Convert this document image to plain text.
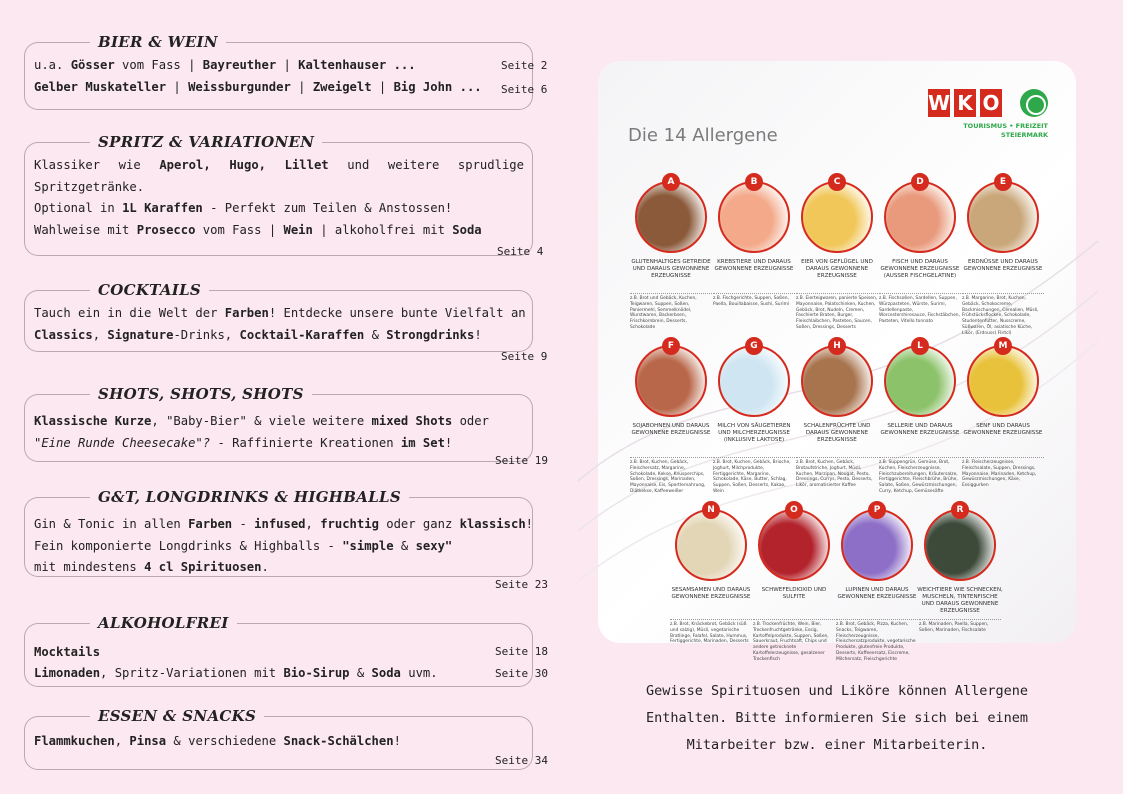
BIER & WEIN
u.a. Gösser vom Fass | Bayreuther | Kaltenhauser ...
Gelber Muskateller | Weissburgunder | Zweigelt | Big John ...
Seite 2
Seite 6
SPRITZ & VARIATIONEN
Klassiker wie Aperol, Hugo, Lillet und weitere sprudlige
Spritzgetränke.
Optional in 1L Karaffen - Perfekt zum Teilen & Anstossen!
Wahlweise mit Prosecco vom Fass | Wein | alkoholfrei mit Soda
Seite 4
COCKTAILS
Tauch ein in die Welt der Farben! Entdecke unsere bunte Vielfalt an
Classics, Signature-Drinks, Cocktail-Karaffen & Strongdrinks!
Seite 9
SHOTS, SHOTS, SHOTS
Klassische Kurze, "Baby-Bier" & viele weitere mixed Shots oder
"Eine Runde Cheesecake"? - Raffinierte Kreationen im Set!
Seite 19
G&T, LONGDRINKS & HIGHBALLS
Gin & Tonic in allen Farben - infused, fruchtig oder ganz klassisch!
Fein komponierte Longdrinks & Highballs - "simple & sexy"
mit mindestens 4 cl Spirituosen.
Seite 23
ALKOHOLFREI
Mocktails
Limonaden, Spritz-Variationen mit Bio-Sirup & Soda uvm.
Seite 18
Seite 30
ESSEN & SNACKS
Flammkuchen, Pinsa & verschiedene Snack-Schälchen!
Seite 34
Die 14 Allergene
W K O
TOURISMUS • FREIZEIT
STEIERMARK
A
GLUTENHALTIGES GETREIDE UND DARAUS GEWONNENE ERZEUGNISSE
z.B. Brot und Gebäck, Kuchen, Teigwaren, Suppen, Soßen, Paniermehl, Semmelknödel, Wurstwaren, Backerbsen, Frischkornbrein, Desserts, Schokolade
B
KREBSTIERE UND DARAUS GEWONNENE ERZEUGNISSE
z.B. Fischgerichte, Suppen, Soßen, Paella, Bouillabaisse, Sushi, Surimi
C
EIER VON GEFLÜGEL UND DARAUS GEWONNENE ERZEUGNISSE
z.B. Eierteigwaren, panierte Speisen, Mayonnaise, Palatschinken, Kuchen, Gebäck, Brot, Nudeln, Cremen, Faschierte Braten, Burger, Fleischlaibchen, Pasteten, Saucen, Soßen, Dressings, Desserts
D
FISCH UND DARAUS GEWONNENE ERZEUGNISSE (AUSSER FISCHGELATINE)
z.B. Fischsoßen, Sardellen, Suppen, Würzpasteten, Würste, Surimi, Sardellenpaste, Worcestershiresauce, Fischstäbchen, Pasteten, Vitello tonnato
E
ERDNÜSSE UND DARAUS GEWONNENE ERZEUGNISSE
z.B. Margarine, Brot, Kuchen, Gebäck, Schokocreme, Backmischungen, Cerealien, Müsli, Frühstücksflocken, Schokolade, Studentenfutter, Nusscreme, Süßwaren, Öl, asiatische Küche, Likör, (Erdnuss) Flirtcl)
F
SOJABOHNEN UND DARAUS GEWONNENE ERZEUGNISSE
z.B. Brot, Kuchen, Gebäck, Fleischersatz, Margarine, Schokolade, Kekse, Knusperchips, Soßen, Dressings, Marinaden, Mayonnaise, Eis, Sportlernahrung, Diätkekse, Kaffeeweißer
G
MILCH VON SÄUGETIEREN UND MILCHERZEUGNISSE (INKLUSIVE LAKTOSE)
z.B. Brot, Kuchen, Gebäck, Brioche, Joghurt, Milchprodukte, Fertiggerichte, Margarine, Schokolade, Käse, Butter, Schlag, Suppen, Soßen, Desserts, Kakao, Wein
H
SCHALENFRÜCHTE UND DARAUS GEWONNENE ERZEUGNISSE
z.B. Brot, Kuchen, Gebäck, Brotaufstriche, Joghurt, Müsli, Kuchen, Marzipan, Nougat, Pesto, Dressings, Currys, Pesto, Desserts, Likör, aromatisierter Kaffee
L
SELLERIE UND DARAUS GEWONNENE ERZEUGNISSE
z.B. Suppengrün, Gemüse, Brot, Kuchen, Fleischerzeugnisse, Fleischzubereitungen, Kräutersalze, Fertiggerichte, Fleischbrühe, Brühe, Salate, Soßen, Gewürzmischungen, Curry, Ketchup, Gemüsesäfte
M
SENF UND DARAUS GEWONNENE ERZEUGNISSE
z.B. Fleischerzeugnisse, Fleischsalate, Suppen, Dressings, Mayonnaise, Marinaden, Ketchup, Gewürzmischungen, Käse, Essiggurken
N
SESAMSAMEN UND DARAUS GEWONNENE ERZEUGNISSE
z.B. Brot, Knäckebrot, Gebäck (süß und salzig), Müsli, vegetarische Bratlinge, Falafel, Salate, Hummus, Fertiggerichte, Marinaden, Desserts
O
SCHWEFELDIOXID UND SULFITE
z.B. Trockenfrüchte, Wein, Bier, Trockenfruchtgetränke, Essig, Kartoffelprodukte, Suppen, Soßen, Sauerkraut, Fruchtsaft, Chips und andere getrocknete Kartoffelerzeugnisse, gesalzener Trockenfisch
P
LUPINEN UND DARAUS GEWONNENE ERZEUGNISSE
z.B. Brot, Gebäck, Pizza, Kuchen, Snacks, Teigwaren, Fleischerzeugnisse, Fleischersatzprodukte, vegetarische Produkte, glutenfreie Produkte, Desserts, Kaffeeersatz, Eiscreme, Milchersatz, Fleischgerichte
R
WEICHTIERE WIE SCHNECKEN, MUSCHELN, TINTENFISCHE UND DARAUS GEWONNENE ERZEUGNISSE
z.B. Marinaden, Paella, Suppen, Soßen, Marinaden, Fischsalate
Gewisse Spirituosen und Liköre können Allergene
Enthalten. Bitte informieren Sie sich bei einem
Mitarbeiter bzw. einer Mitarbeiterin.
